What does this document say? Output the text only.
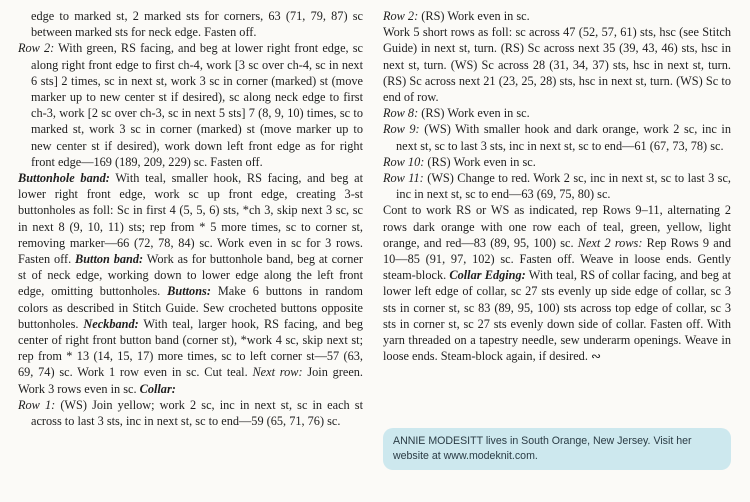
edge to marked st, 2 marked sts for corners, 63 (71, 79, 87) sc between marked sts for neck edge. Fasten off.

Row 2: With green, RS facing, and beg at lower right front edge, sc along right front edge to first ch-4, work [3 sc over ch-4, sc in next 6 sts] 2 times, sc in next st, work 3 sc in corner (marked) st (move marker up to new center st if desired), sc along neck edge to first ch-3, work [2 sc over ch-3, sc in next 5 sts] 7 (8, 9, 10) times, sc to marked st, work 3 sc in corner (marked) st (move marker up to new center st if desired), work down left front edge as for right front edge—169 (189, 209, 229) sc. Fasten off.

Buttonhole band: With teal, smaller hook, RS facing, and beg at lower right front edge, work sc up front edge, creating 3-st buttonholes as foll: Sc in first 4 (5, 5, 6) sts, *ch 3, skip next 3 sc, sc in next 8 (9, 10, 11) sts; rep from * 5 more times, sc to corner st, removing marker—66 (72, 78, 84) sc. Work even in sc for 3 rows. Fasten off. Button band: Work as for buttonhole band, beg at corner st of neck edge, working down to lower edge along the left front edge, omitting buttonholes. Buttons: Make 6 buttons in random colors as described in Stitch Guide. Sew crocheted buttons opposite buttonholes. Neckband: With teal, larger hook, RS facing, and beg center of right front button band (corner st), *work 4 sc, skip next st; rep from * 13 (14, 15, 17) more times, sc to left corner st—57 (63, 69, 74) sc. Work 1 row even in sc. Cut teal. Next row: Join green. Work 3 rows even in sc. Collar:

Row 1: (WS) Join yellow; work 2 sc, inc in next st, sc in each st across to last 3 sts, inc in next st, sc to end—59 (65, 71, 76) sc.

Row 2: (RS) Work even in sc.

Work 5 short rows as foll: sc across 47 (52, 57, 61) sts, hsc (see Stitch Guide) in next st, turn. (RS) Sc across next 35 (39, 43, 46) sts, hsc in next st, turn. (WS) Sc across 28 (31, 34, 37) sts, hsc in next st, turn. (RS) Sc across next 21 (23, 25, 28) sts, hsc in next st, turn. (WS) Sc to end of row.

Row 8: (RS) Work even in sc.

Row 9: (WS) With smaller hook and dark orange, work 2 sc, inc in next st, sc to last 3 sts, inc in next st, sc to end—61 (67, 73, 78) sc.

Row 10: (RS) Work even in sc.

Row 11: (WS) Change to red. Work 2 sc, inc in next st, sc to last 3 sc, inc in next st, sc to end—63 (69, 75, 80) sc.

Cont to work RS or WS as indicated, rep Rows 9–11, alternating 2 rows dark orange with one row each of teal, green, yellow, light orange, and red—83 (89, 95, 100) sc. Next 2 rows: Rep Rows 9 and 10—85 (91, 97, 102) sc. Fasten off. Weave in loose ends. Gently steam-block. Collar Edging: With teal, RS of collar facing, and beg at lower left edge of collar, sc 27 sts evenly up side edge of collar, sc 3 sts in corner st, sc 83 (89, 95, 100) sts across top edge of collar, sc 3 sts in corner st, sc 27 sts evenly down side of collar. Fasten off. With yarn threaded on a tapestry needle, sew underarm openings. Weave in loose ends. Steam-block again, if desired. ∾

ANNIE MODESITT lives in South Orange, New Jersey. Visit her website at www.modeknit.com.
